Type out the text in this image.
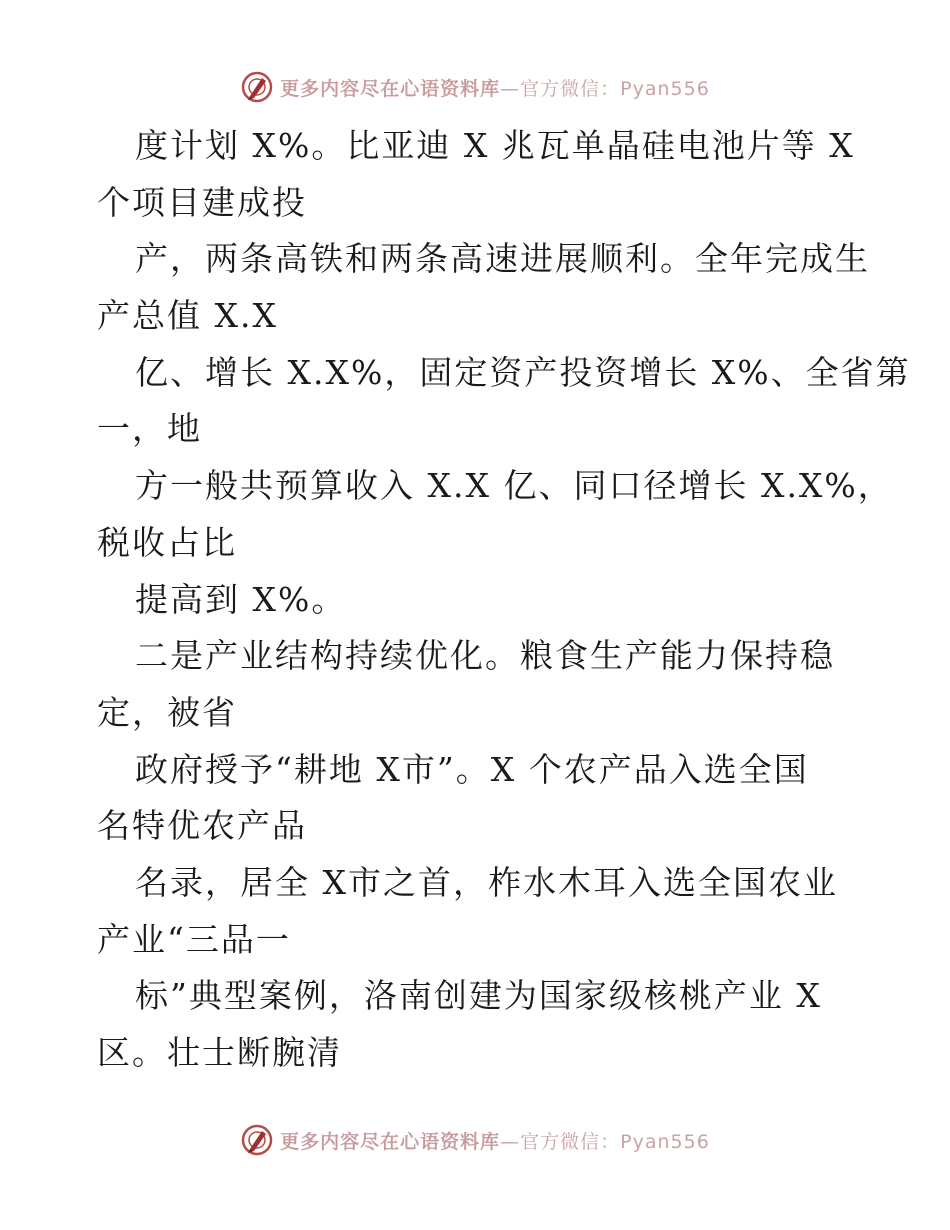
更多内容尽在心语资料库—官方微信：Pyan556
度计划 X%。比亚迪 X 兆瓦单晶硅电池片等 X
个项目建成投
产，两条高铁和两条高速进展顺利。全年完成生
产总值 X.X
亿、增长 X.X%，固定资产投资增长 X%、全省第
一，地
方一般共预算收入 X.X 亿、同口径增长 X.X%，
税收占比
提高到 X%。
二是产业结构持续优化。粮食生产能力保持稳
定，被省
政府授予“耕地 X市”。X 个农产品入选全国
名特优农产品
名录，居全 X市之首，柞水木耳入选全国农业
产业“三品一
标”典型案例，洛南创建为国家级核桃产业 X
区。壮士断腕清
更多内容尽在心语资料库—官方微信：Pyan556
